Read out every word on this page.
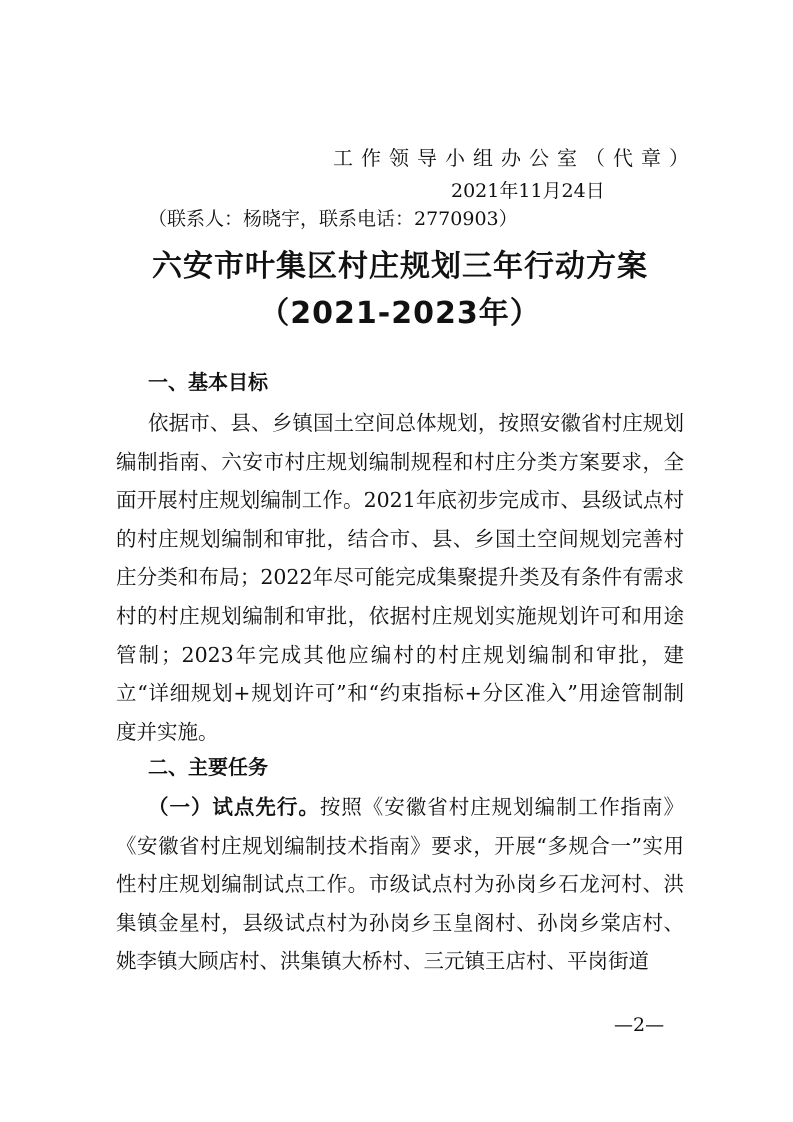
工作领导小组办公室（代章）
2021年11月24日
（联系人：杨晓宇，联系电话：2770903）
六安市叶集区村庄规划三年行动方案（2021-2023年）
一、基本目标
依据市、县、乡镇国土空间总体规划，按照安徽省村庄规划编制指南、六安市村庄规划编制规程和村庄分类方案要求，全面开展村庄规划编制工作。2021年底初步完成市、县级试点村的村庄规划编制和审批，结合市、县、乡国土空间规划完善村庄分类和布局；2022年尽可能完成集聚提升类及有条件有需求村的村庄规划编制和审批，依据村庄规划实施规划许可和用途管制；2023年完成其他应编村的村庄规划编制和审批，建立“详细规划+规划许可”和“约束指标+分区准入”用途管制制度并实施。
二、主要任务
（一）试点先行。按照《安徽省村庄规划编制工作指南》《安徽省村庄规划编制技术指南》要求，开展“多规合一”实用性村庄规划编制试点工作。市级试点村为孙岗乡石龙河村、洪集镇金星村，县级试点村为孙岗乡玉皇阁村、孙岗乡棠店村、姚李镇大顾店村、洪集镇大桥村、三元镇王店村、平岗街道
—2—
